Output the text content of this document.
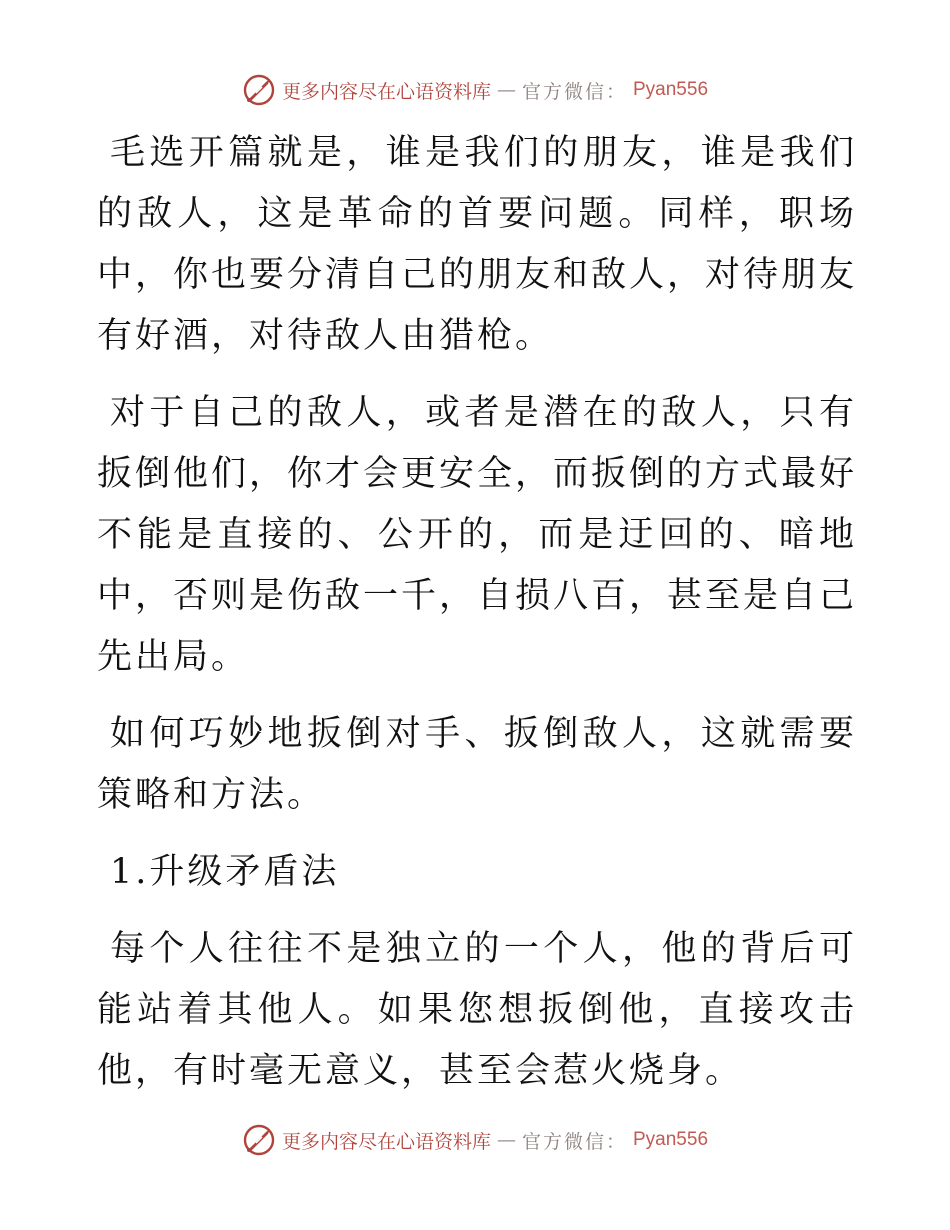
更多内容尽在心语资料库 — 官方微信： Pyan556

毛选开篇就是，谁是我们的朋友，谁是我们的敌人，这是革命的首要问题。同样，职场中，你也要分清自己的朋友和敌人，对待朋友有好酒，对待敌人由猎枪。

对于自己的敌人，或者是潜在的敌人，只有扳倒他们，你才会更安全，而扳倒的方式最好不能是直接的、公开的，而是迂回的、暗地中，否则是伤敌一千，自损八百，甚至是自己先出局。

如何巧妙地扳倒对手、扳倒敌人，这就需要策略和方法。

1.升级矛盾法

每个人往往不是独立的一个人，他的背后可能站着其他人。如果您想扳倒他，直接攻击他，有时毫无意义，甚至会惹火烧身。

更多内容尽在心语资料库 — 官方微信： Pyan556
